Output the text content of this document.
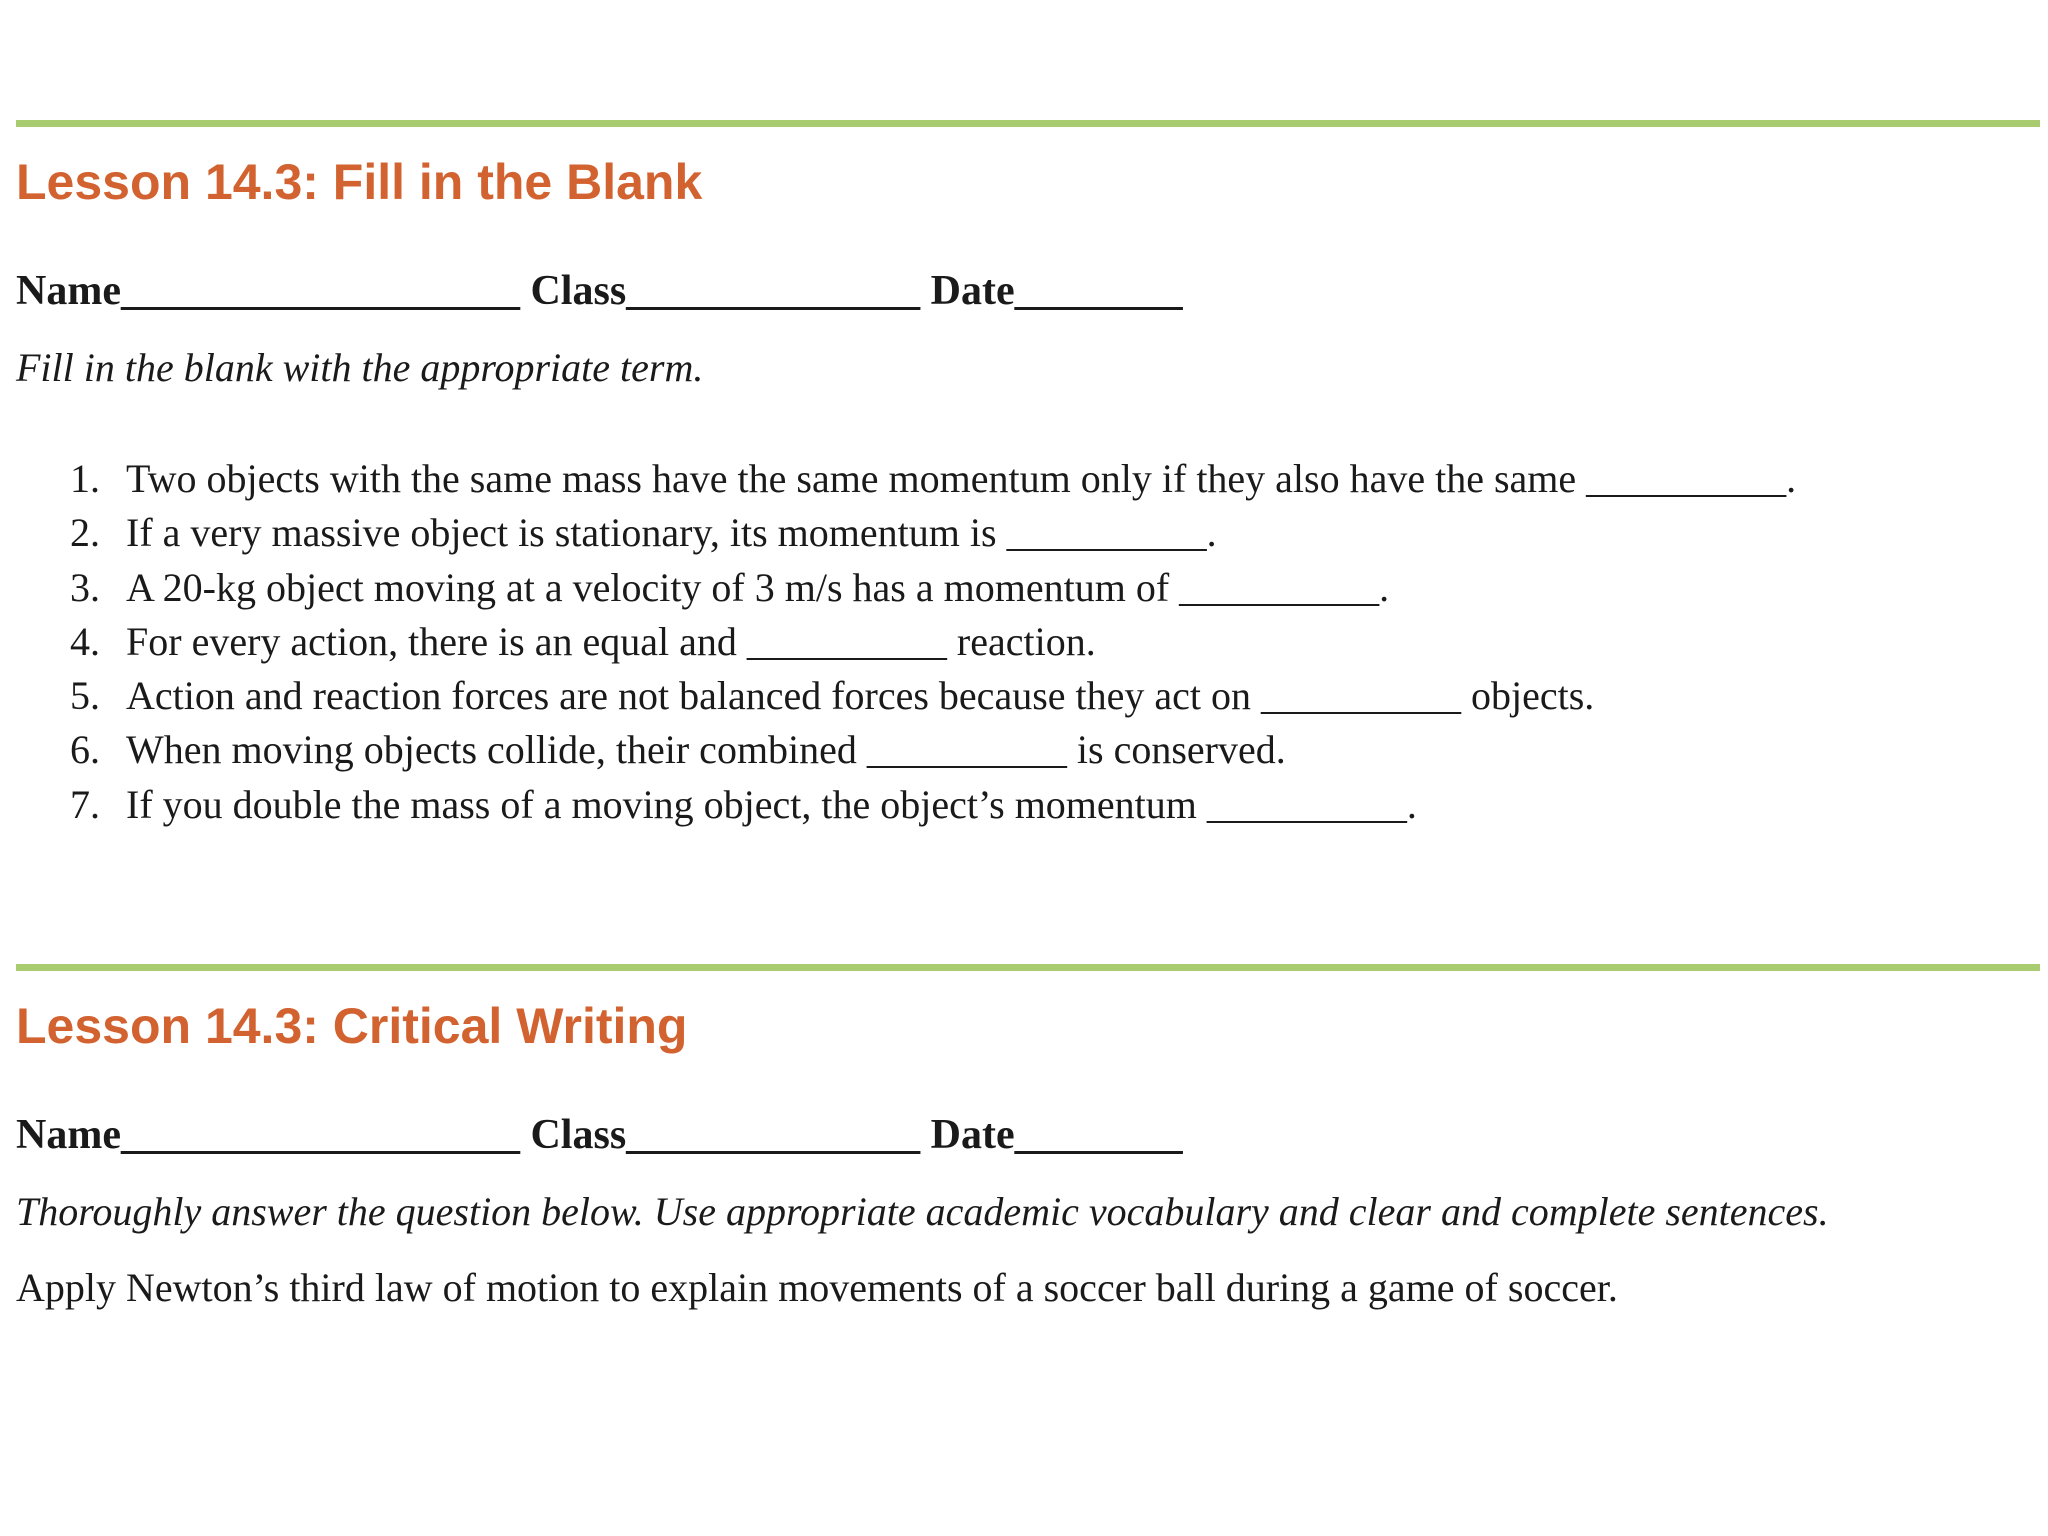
Lesson 14.3: Fill in the Blank
Name___________________ Class______________ Date________
Fill in the blank with the appropriate term.
1. Two objects with the same mass have the same momentum only if they also have the same __________.
2. If a very massive object is stationary, its momentum is __________.
3. A 20-kg object moving at a velocity of 3 m/s has a momentum of __________.
4. For every action, there is an equal and __________ reaction.
5. Action and reaction forces are not balanced forces because they act on __________ objects.
6. When moving objects collide, their combined __________ is conserved.
7. If you double the mass of a moving object, the object’s momentum __________.
Lesson 14.3: Critical Writing
Name___________________ Class______________ Date________
Thoroughly answer the question below. Use appropriate academic vocabulary and clear and complete sentences.
Apply Newton’s third law of motion to explain movements of a soccer ball during a game of soccer.
